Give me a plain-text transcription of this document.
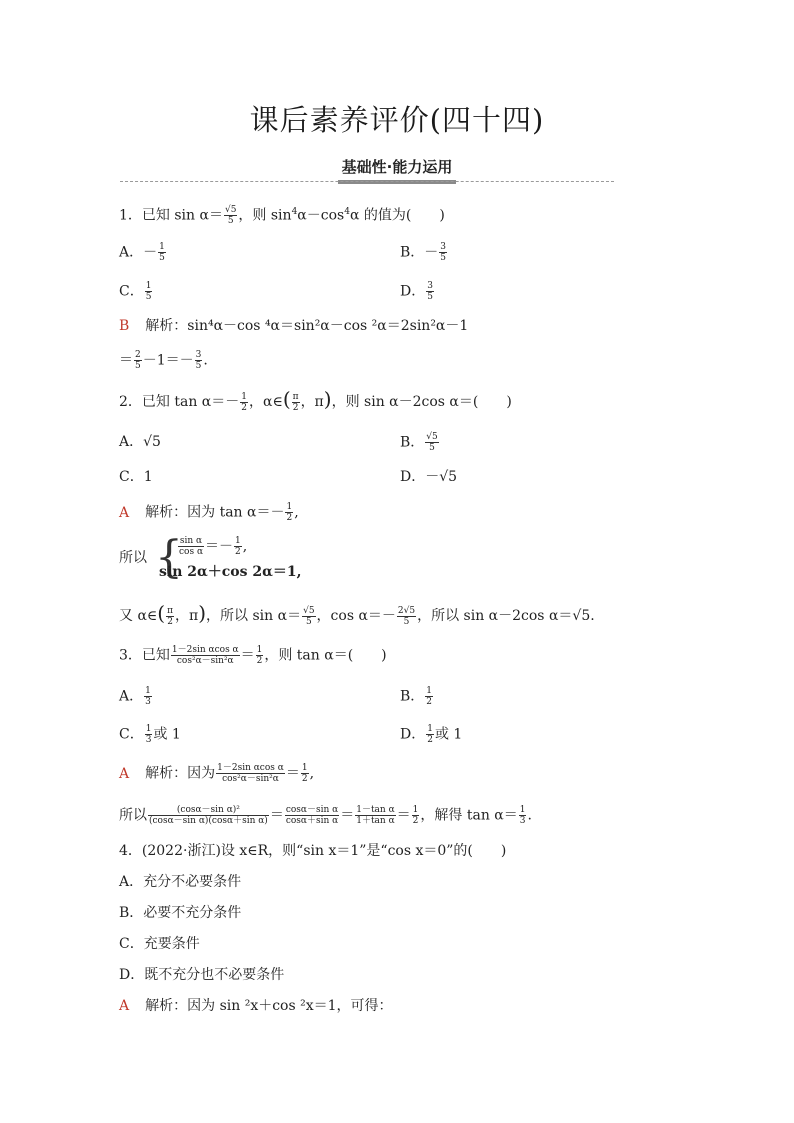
课后素养评价(四十四)
基础性·能力运用
1．已知 $\sin \alpha= \frac{√5}{5}$ ，则 $\sin^4\alpha-\cos^4\alpha$ 的值为(　　)
A．－ $\frac{1}{5}$	B．－ $\frac{3}{5}$
C． $\frac{1}{5}$	D． $\frac{3}{5}$
B 解析：sin⁴α－cos ⁴α＝sin²α－cos ²α＝2sin²α－1
＝ $\frac{2}{5} -1=- \frac{3}{5}$ .
2．已知 $\tan \alpha=- \frac{1}{2}$ ，α∈( $\frac{\pi}{2}$ ，π)，则 sin α－2cos α＝(　　)
A．√5	B． $\frac{√5}{5}$
C．1	D．－√5
A 解析：因为 $\tan \alpha=- \frac{1}{2}$ ,
所以 {
$\frac{\text{sin α}}{\text{cos α}} =- \frac{1}{2}$ ,
sin 2α＋cos 2α＝1,
又 α∈( $\frac{\pi}{2}$ ，π)，所以 $\sin \alpha= \frac{√5}{5}$ ，$\cos \alpha=- \frac{2√5}{5}$ ，所以 sin α－2cos α＝√5.
3．已知 $\frac{\text{1－2sin αcos α}}{\text{cos²α－sin²α}} = \frac{1}{2}$ ，则 tan α＝(　　)
A． $\frac{1}{3}$	B． $\frac{1}{2}$
C． $\frac{1}{3}$ 或 1	D． $\frac{1}{2}$ 或 1
A 解析：因为 $\frac{\text{1－2sin αcos α}}{\text{cos²α－sin²α}} = \frac{1}{2}$ ,
所以 $\frac{\text{(cosα－sin α)²}}{\text{(cosα－sin α)(cosα＋sin α)}} = \frac{\text{cosα－sin α}}{\text{cosα＋sin α}} = \frac{\text{1－tan α}}{\text{1＋tan α}} = \frac{1}{2}$ ，解得 $\tan \alpha= \frac{1}{3}$ .
4．(2022·浙江)设 x∈R，则“sin x＝1”是“cos x＝0”的(　　)
A．充分不必要条件
B．必要不充分条件
C．充要条件
D．既不充分也不必要条件
A 解析：因为 sin ²x＋cos ²x＝1，可得：
